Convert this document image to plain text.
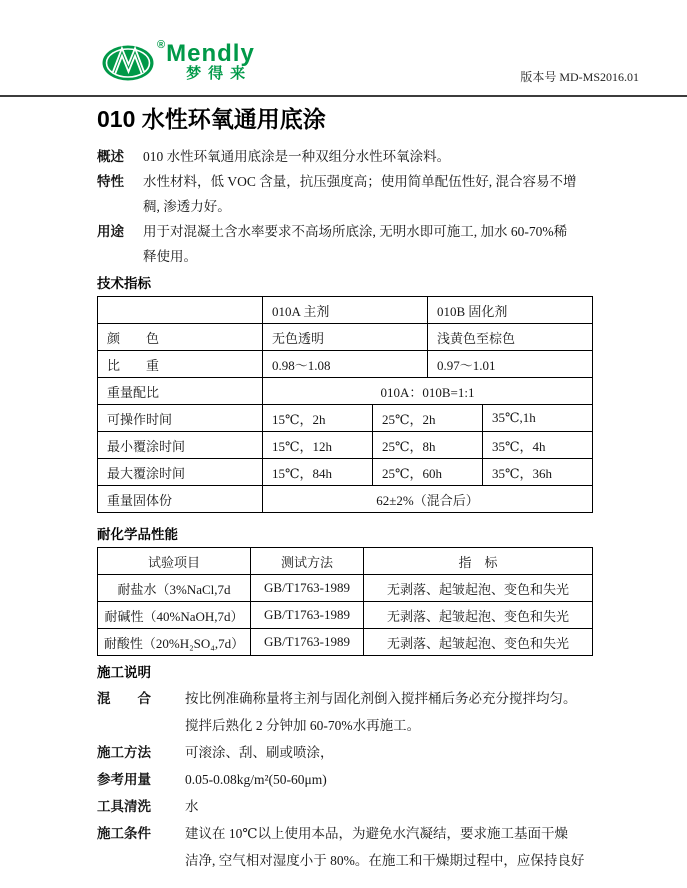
® Mendly
梦得来	版本号 MD-MS2016.01
010 水性环氧通用底涂
概述	010 水性环氧通用底涂是一种双组分水性环氧涂料。
特性	水性材料，低 VOC 含量，抗压强度高；使用简单配伍性好, 混合容易不增
稠, 渗透力好。
用途	用于对混凝土含水率要求不高场所底涂, 无明水即可施工, 加水 60-70%稀
释使用。
技术指标
	010A 主剂		010B 固化剂	
颜　　色	无色透明		浅黄色至棕色	
比　　重	0.98～1.08		0.97～1.01	
重量配比	010A：010B=1:1			
可操作时间	15℃，2h	25℃，2h		35℃,1h
最小覆涂时间	15℃，12h	25℃，8h		35℃，4h
最大覆涂时间	15℃，84h	25℃，60h		35℃，36h
重量固体份	62±2%（混合后）			
耐化学品性能
试验项目	测试方法	指　标
耐盐水（3%NaCl,7d	GB/T1763-1989	无剥落、起皱起泡、变色和失光
耐碱性（40%NaOH,7d）	GB/T1763-1989	无剥落、起皱起泡、变色和失光
耐酸性（20%H₂SO₄,7d）	GB/T1763-1989	无剥落、起皱起泡、变色和失光
施工说明
混　　合	按比例准确称量将主剂与固化剂倒入搅拌桶后务必充分搅拌均匀。
搅拌后熟化 2 分钟加 60-70%水再施工。
施工方法	可滚涂、刮、刷或喷涂，
参考用量	0.05-0.08kg/m²(50-60μm)
工具清洗	水
施工条件	建议在 10℃以上使用本品，为避免水汽凝结，要求施工基面干燥
洁净, 空气相对湿度小于 80%。在施工和干燥期过程中，应保持良好
